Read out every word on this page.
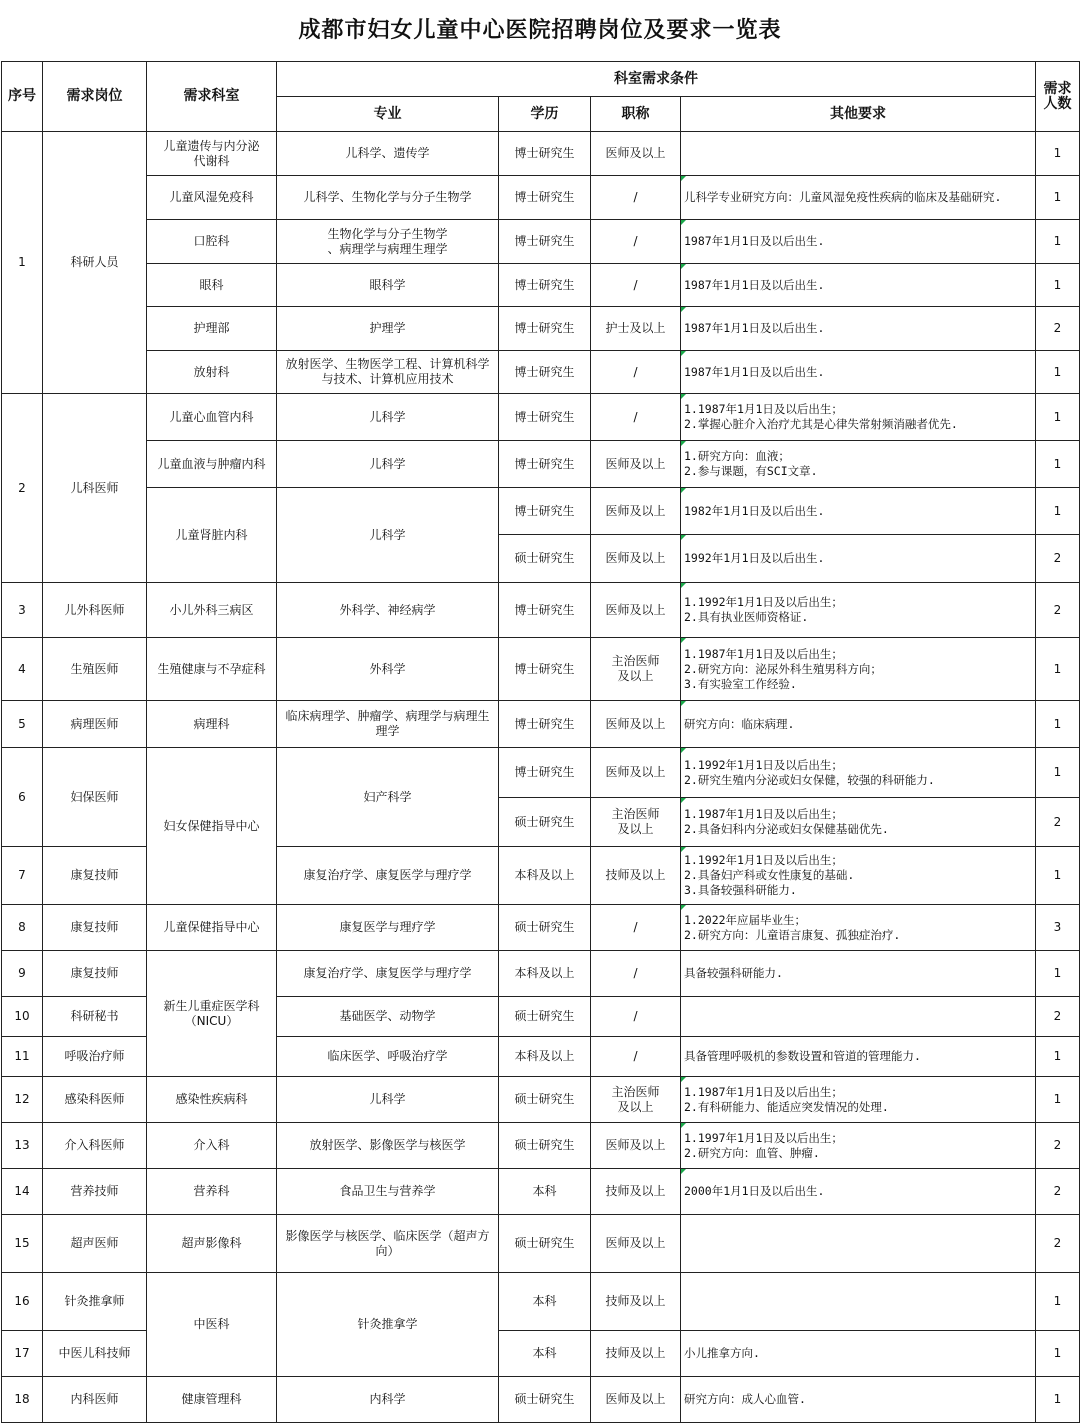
成都市妇女儿童中心医院招聘岗位及要求一览表
序号	需求岗位	需求科室	科室需求条件				需求
人数
			专业	学历	职称	其他要求	
1	科研人员	儿童遗传与内分泌
代谢科	儿科学、遗传学	博士研究生	医师及以上		1
		儿童风湿免疫科	儿科学、生物化学与分子生物学	博士研究生	/	儿科学专业研究方向：儿童风湿免疫性疾病的临床及基础研究.	1
		口腔科	生物化学与分子生物学
、病理学与病理生理学	博士研究生	/	1987年1月1日及以后出生.	1
		眼科	眼科学	博士研究生	/	1987年1月1日及以后出生.	1
		护理部	护理学	博士研究生	护士及以上	1987年1月1日及以后出生.	2
		放射科	放射医学、生物医学工程、计算机科学
与技术、计算机应用技术	博士研究生	/	1987年1月1日及以后出生.	1
2	儿科医师	儿童心血管内科	儿科学	博士研究生	/	1.1987年1月1日及以后出生；
2.掌握心脏介入治疗尤其是心律失常射频消融者优先.	1
		儿童血液与肿瘤内科	儿科学	博士研究生	医师及以上	1.研究方向：血液；
2.参与课题，有SCI文章.	1
		儿童肾脏内科	儿科学	博士研究生	医师及以上	1982年1月1日及以后出生.	1
				硕士研究生	医师及以上	1992年1月1日及以后出生.	2
3	儿外科医师	小儿外科三病区	外科学、神经病学	博士研究生	医师及以上	1.1992年1月1日及以后出生；
2.具有执业医师资格证.	2
4	生殖医师	生殖健康与不孕症科	外科学	博士研究生	主治医师
及以上	1.1987年1月1日及以后出生；
2.研究方向：泌尿外科生殖男科方向；
3.有实验室工作经验.	1
5	病理医师	病理科	临床病理学、肿瘤学、病理学与病理生
理学	博士研究生	医师及以上	研究方向：临床病理.	1
6	妇保医师	妇女保健指导中心	妇产科学	博士研究生	医师及以上	1.1992年1月1日及以后出生；
2.研究生殖内分泌或妇女保健，较强的科研能力.	1
				硕士研究生	主治医师
及以上	1.1987年1月1日及以后出生；
2.具备妇科内分泌或妇女保健基础优先.	2
7	康复技师		康复治疗学、康复医学与理疗学	本科及以上	技师及以上	1.1992年1月1日及以后出生；
2.具备妇产科或女性康复的基础.
3.具备较强科研能力.	1
8	康复技师	儿童保健指导中心	康复医学与理疗学	硕士研究生	/	1.2022年应届毕业生；
2.研究方向：儿童语言康复、孤独症治疗.	3
9	康复技师	新生儿重症医学科
（NICU）	康复治疗学、康复医学与理疗学	本科及以上	/	具备较强科研能力.	1
10	科研秘书		基础医学、动物学	硕士研究生	/		2
11	呼吸治疗师		临床医学、呼吸治疗学	本科及以上	/	具备管理呼吸机的参数设置和管道的管理能力.	1
12	感染科医师	感染性疾病科	儿科学	硕士研究生	主治医师
及以上	1.1987年1月1日及以后出生；
2.有科研能力、能适应突发情况的处理.	1
13	介入科医师	介入科	放射医学、影像医学与核医学	硕士研究生	医师及以上	1.1997年1月1日及以后出生；
2.研究方向：血管、肿瘤.	2
14	营养技师	营养科	食品卫生与营养学	本科	技师及以上	2000年1月1日及以后出生.	2
15	超声医师	超声影像科	影像医学与核医学、临床医学（超声方
向）	硕士研究生	医师及以上		2
16	针灸推拿师	中医科	针灸推拿学	本科	技师及以上		1
17	中医儿科技师			本科	技师及以上	小儿推拿方向.	1
18	内科医师	健康管理科	内科学	硕士研究生	医师及以上	研究方向：成人心血管.	1
